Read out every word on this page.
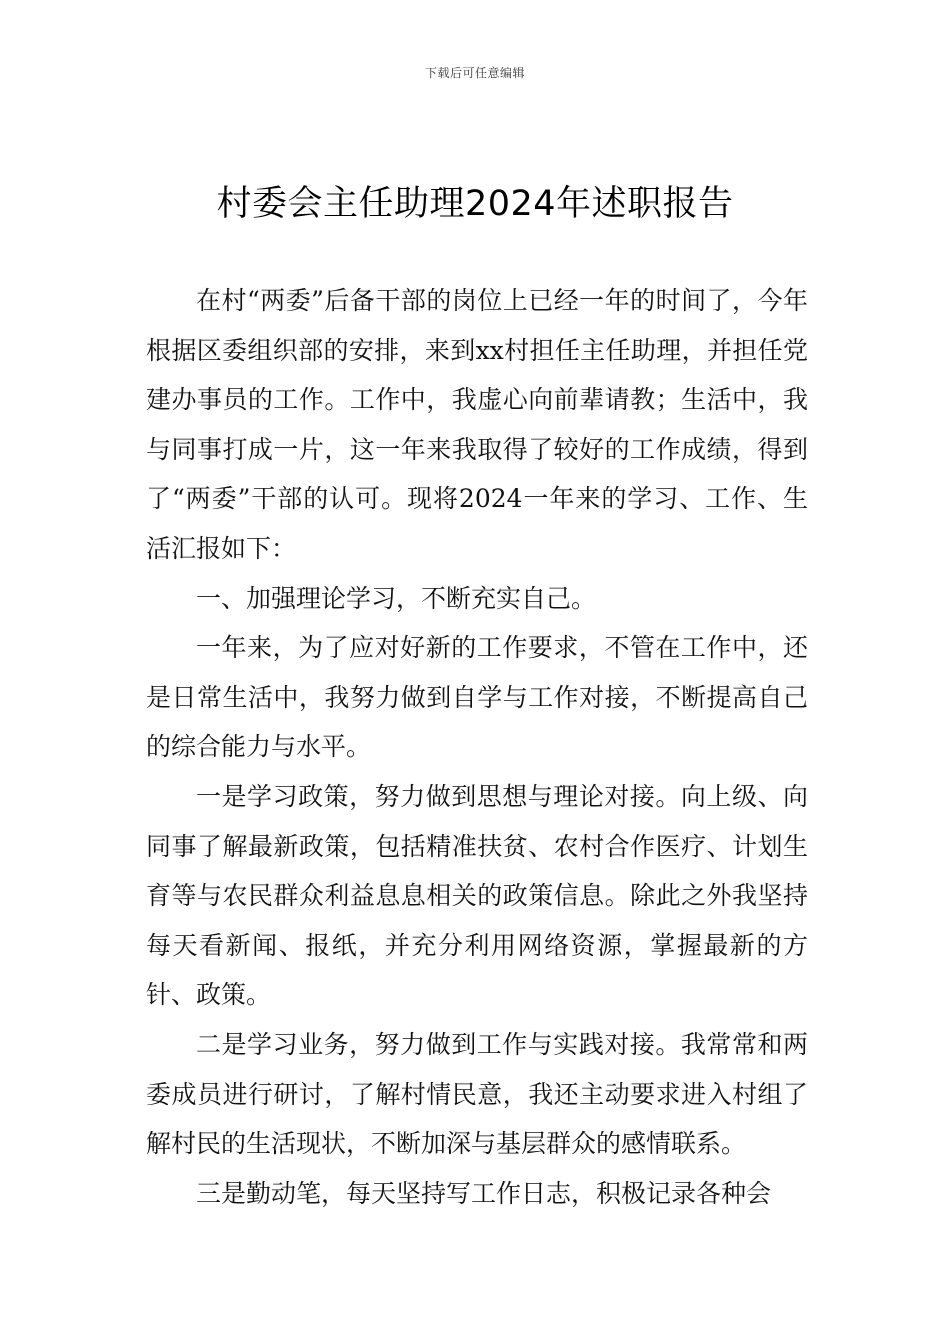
下载后可任意编辑
村委会主任助理2024年述职报告

在村“两委”后备干部的岗位上已经一年的时间了，今年根据区委组织部的安排，来到xx村担任主任助理，并担任党建办事员的工作。工作中，我虚心向前辈请教；生活中，我与同事打成一片，这一年来我取得了较好的工作成绩，得到了“两委”干部的认可。现将2024一年来的学习、工作、生活汇报如下：

一、加强理论学习，不断充实自己。

一年来，为了应对好新的工作要求，不管在工作中，还是日常生活中，我努力做到自学与工作对接，不断提高自己的综合能力与水平。

一是学习政策，努力做到思想与理论对接。向上级、向同事了解最新政策，包括精准扶贫、农村合作医疗、计划生育等与农民群众利益息息相关的政策信息。除此之外我坚持每天看新闻、报纸，并充分利用网络资源，掌握最新的方针、政策。

二是学习业务，努力做到工作与实践对接。我常常和两委成员进行研讨，了解村情民意，我还主动要求进入村组了解村民的生活现状，不断加深与基层群众的感情联系。

三是勤动笔，每天坚持写工作日志，积极记录各种会
